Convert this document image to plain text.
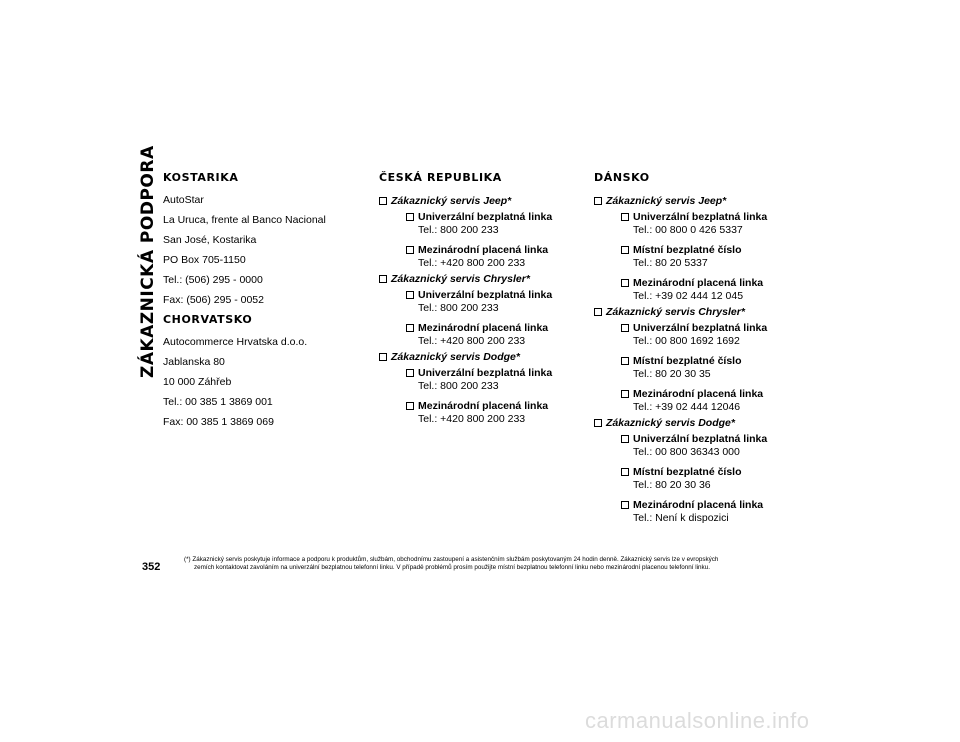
ZÁKAZNICKÁ PODPORA KOSTARIKA
AutoStar
La Uruca, frente al Banco Nacional
San José, Kostarika
PO Box 705-1150
Tel.: (506) 295 - 0000
Fax: (506) 295 - 0052
CHORVATSKO
Autocommerce Hrvatska d.o.o.
Jablanska 80
10 000 Záhřeb
Tel.: 00 385 1 3869 001
Fax: 00 385 1 3869 069
ČESKÁ REPUBLIKA
Zákaznický servis Jeep*
Univerzální bezplatná linka
Tel.: 800 200 233
Mezinárodní placená linka
Tel.: +420 800 200 233
Zákaznický servis Chrysler*
Univerzální bezplatná linka
Tel.: 800 200 233
Mezinárodní placená linka
Tel.: +420 800 200 233
Zákaznický servis Dodge*
Univerzální bezplatná linka
Tel.: 800 200 233
Mezinárodní placená linka
Tel.: +420 800 200 233
DÁNSKO
Zákaznický servis Jeep*
Univerzální bezplatná linka
Tel.: 00 800 0 426 5337
Místní bezplatné číslo
Tel.: 80 20 5337
Mezinárodní placená linka
Tel.: +39 02 444 12 045
Zákaznický servis Chrysler*
Univerzální bezplatná linka
Tel.: 00 800 1692 1692
Místní bezplatné číslo
Tel.: 80 20 30 35
Mezinárodní placená linka
Tel.: +39 02 444 12046
Zákaznický servis Dodge*
Univerzální bezplatná linka
Tel.: 00 800 36343 000
Místní bezplatné číslo
Tel.: 80 20 30 36
Mezinárodní placená linka
Tel.: Není k dispozici
352
(*) Zákaznický servis poskytuje informace a podporu k produktům, službám, obchodnímu zastoupení a asistenčním službám poskytovaným 24 hodin denně. Zákaznický servis lze v evropských
zemích kontaktovat zavoláním na univerzální bezplatnou telefonní linku. V případě problémů prosím použijte místní bezplatnou telefonní linku nebo mezinárodní placenou telefonní linku.
carmanualsonline.info
